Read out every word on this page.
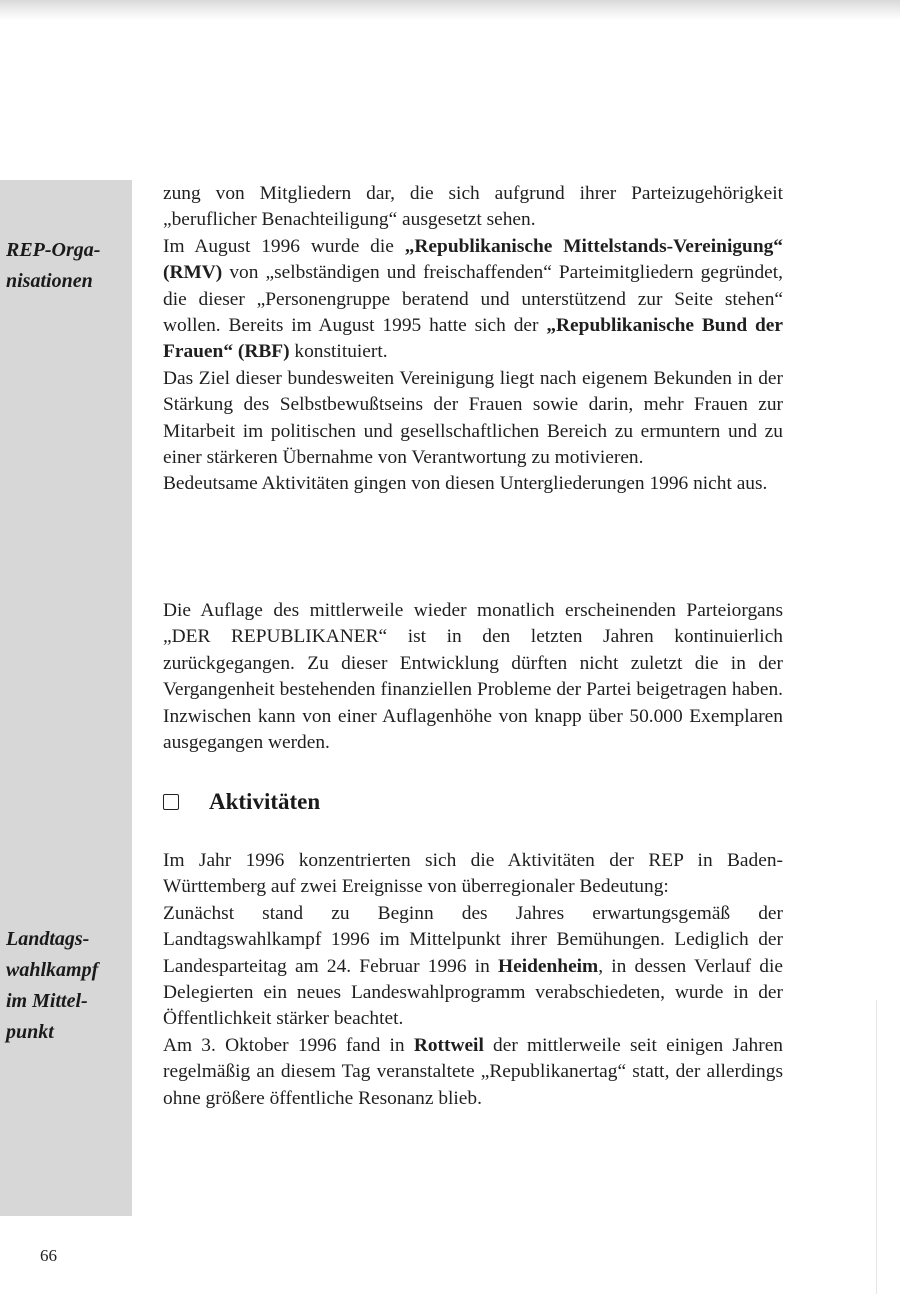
REP-Orga-
nisationen
Landtags-
wahlkampf
im Mittel-
punkt

zung von Mitgliedern dar, die sich aufgrund ihrer Parteizugehörigkeit „beruflicher Benachteiligung“ ausgesetzt sehen.

Im August 1996 wurde die „Republikanische Mittelstands-Vereinigung“ (RMV) von „selbständigen und freischaffenden“ Parteimitgliedern gegründet, die dieser „Personengruppe beratend und unterstützend zur Seite stehen“ wollen. Bereits im August 1995 hatte sich der „Republikanische Bund der Frauen“ (RBF) konstituiert.

Das Ziel dieser bundesweiten Vereinigung liegt nach eigenem Bekunden in der Stärkung des Selbstbewußtseins der Frauen sowie darin, mehr Frauen zur Mitarbeit im politischen und gesellschaftlichen Bereich zu ermuntern und zu einer stärkeren Übernahme von Verantwortung zu motivieren.

Bedeutsame Aktivitäten gingen von diesen Untergliederungen 1996 nicht aus.

Die Auflage des mittlerweile wieder monatlich erscheinenden Parteiorgans „DER REPUBLIKANER“ ist in den letzten Jahren kontinuierlich zurückgegangen. Zu dieser Entwicklung dürften nicht zuletzt die in der Vergangenheit bestehenden finanziellen Probleme der Partei beigetragen haben. Inzwischen kann von einer Auflagenhöhe von knapp über 50.000 Exemplaren ausgegangen werden.

Aktivitäten

Im Jahr 1996 konzentrierten sich die Aktivitäten der REP in Baden-Württemberg auf zwei Ereignisse von überregionaler Bedeutung:

Zunächst stand zu Beginn des Jahres erwartungsgemäß der Landtagswahlkampf 1996 im Mittelpunkt ihrer Bemühungen. Lediglich der Landesparteitag am 24. Februar 1996 in Heidenheim, in dessen Verlauf die Delegierten ein neues Landeswahlprogramm verabschiedeten, wurde in der Öffentlichkeit stärker beachtet.

Am 3. Oktober 1996 fand in Rottweil der mittlerweile seit einigen Jahren regelmäßig an diesem Tag veranstaltete „Republikanertag“ statt, der allerdings ohne größere öffentliche Resonanz blieb.

66
